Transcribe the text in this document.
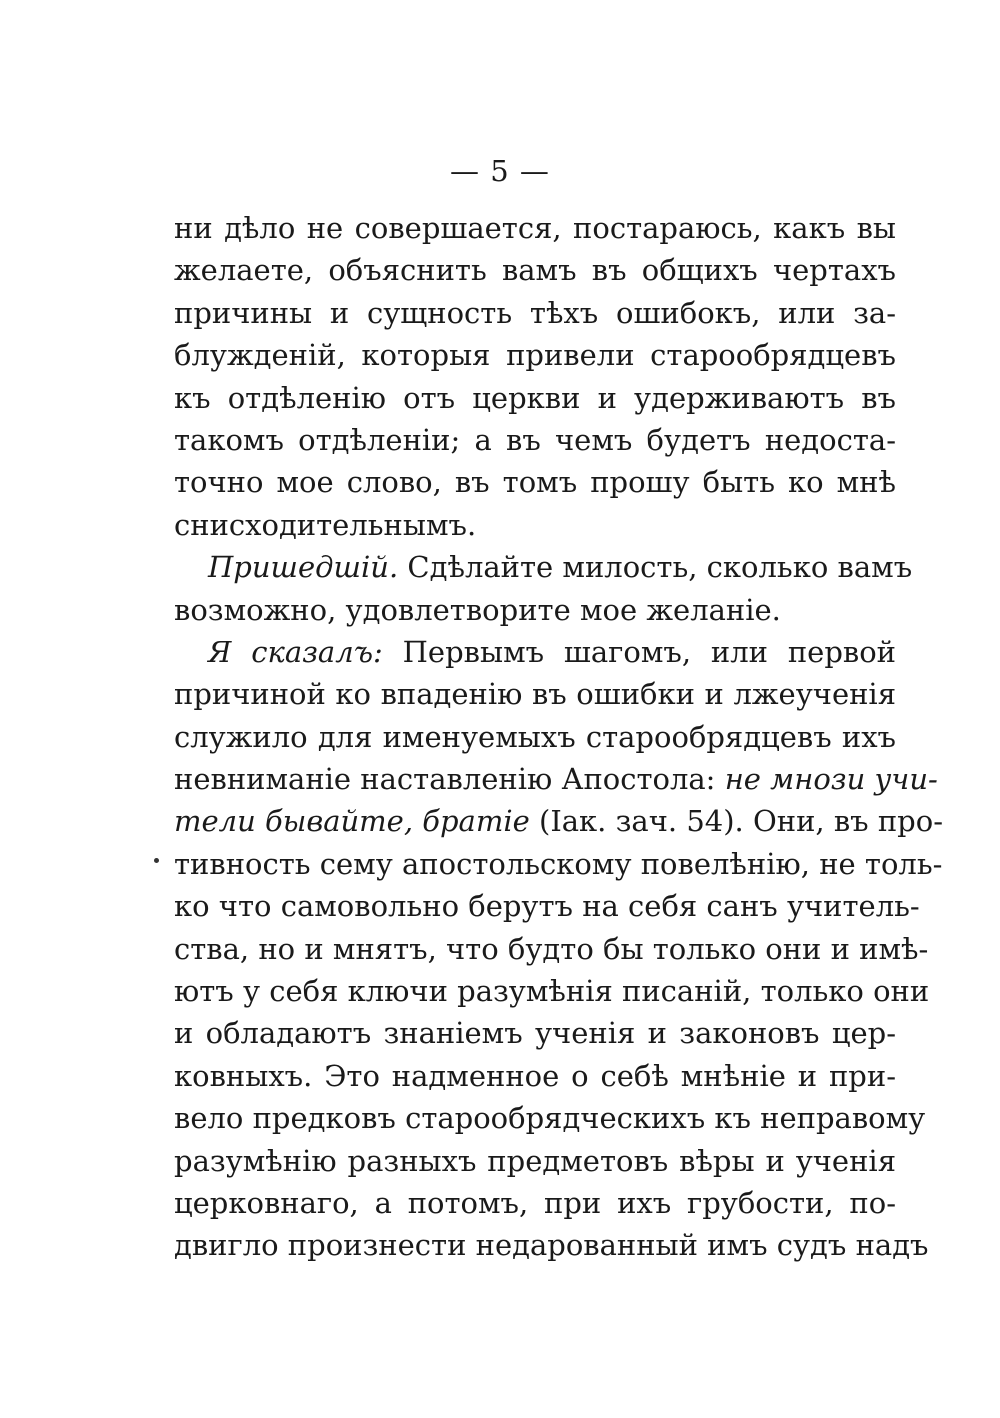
— 5 —
ни дѣло не совершается, постараюсь, какъ вы
желаете, объяснить вамъ въ общихъ чертахъ
причины и сущность тѣхъ ошибокъ, или за-
блужденій, которыя привели старообрядцевъ
къ отдѣленію отъ церкви и удерживаютъ въ
такомъ отдѣленіи; а въ чемъ будетъ недоста-
точно мое слово, въ томъ прошу быть ко мнѣ
снисходительнымъ.
Пришедшій. Сдѣлайте милость, сколько вамъ
возможно, удовлетворите мое желаніе.
Я сказалъ: Первымъ шагомъ, или первой
причиной ко впаденію въ ошибки и лжеученія
служило для именуемыхъ старообрядцевъ ихъ
невниманіе наставленію Апостола: не мнози учи-
тели бывайте, братіе (Іак. зач. 54). Они, въ про-
тивность сему апостольскому повелѣнію, не толь-
ко что самовольно берутъ на себя санъ учитель-
ства, но и мнятъ, что будто бы только они и имѣ-
ютъ у себя ключи разумѣнія писаній, только они
и обладаютъ знаніемъ ученія и законовъ цер-
ковныхъ. Это надменное о себѣ мнѣніе и при-
вело предковъ старообрядческихъ къ неправому
разумѣнію разныхъ предметовъ вѣры и ученія
церковнаго, а потомъ, при ихъ грубости, по-
двигло произнести недарованный имъ судъ надъ
